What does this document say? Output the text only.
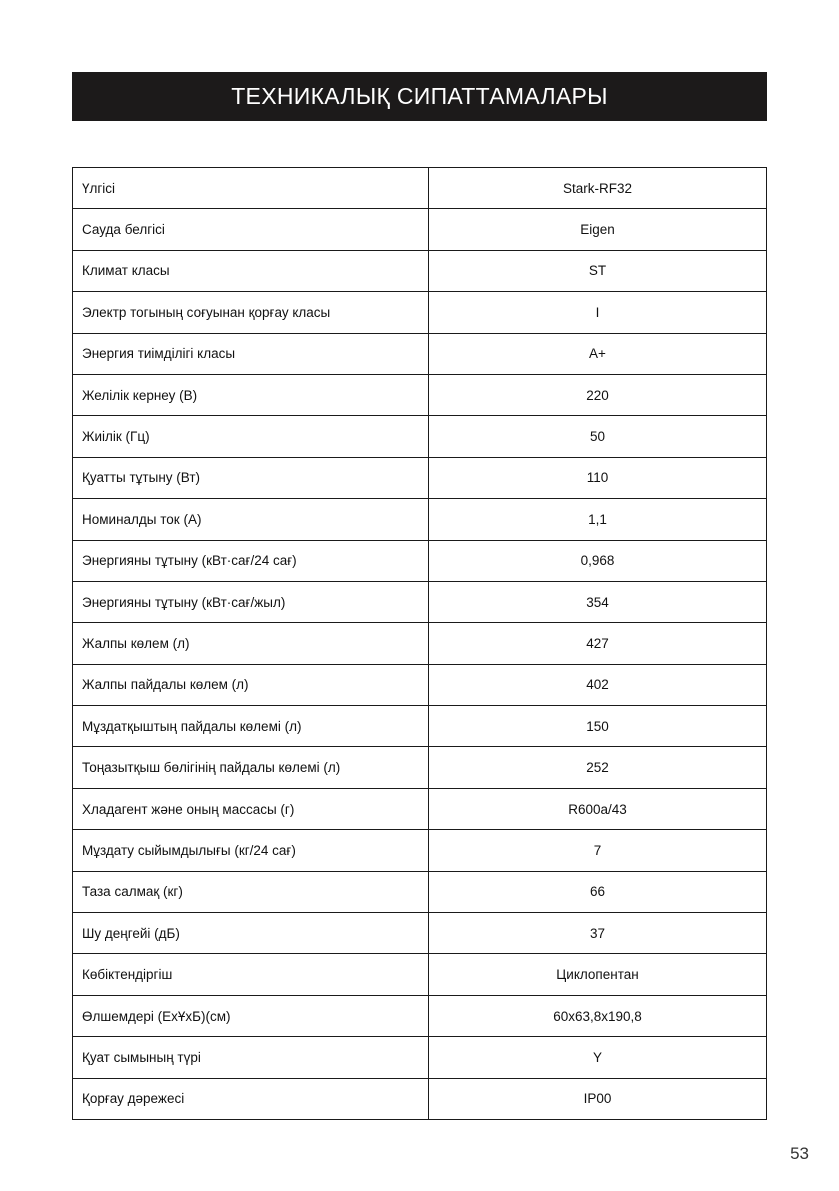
ТЕХНИКАЛЫҚ СИПАТТАМАЛАРЫ
Үлгісі	Stark-RF32
Сауда белгісі	Eigen
Климат класы	ST
Электр тогының соғуынан қорғау класы	I
Энергия тиімділігі класы	A+
Желілік кернеу (В)	220
Жиілік (Гц)	50
Қуатты тұтыну (Вт)	110
Номиналды ток (А)	1,1
Энергияны тұтыну (кВт·сағ/24 сағ)	0,968
Энергияны тұтыну (кВт·сағ/жыл)	354
Жалпы көлем (л)	427
Жалпы пайдалы көлем (л)	402
Мұздатқыштың пайдалы көлемі (л)	150
Тоңазытқыш бөлігінің пайдалы көлемі (л)	252
Хладагент және оның массасы (г)	R600a/43
Мұздату сыйымдылығы (кг/24 сағ)	7
Таза салмақ (кг)	66
Шу деңгейі (дБ)	37
Көбіктендіргіш	Циклопентан
Өлшемдері (ЕхҰхБ)(см)	60х63,8х190,8
Қуат сымының түрі	Y
Қорғау дәрежесі	IP00
53
